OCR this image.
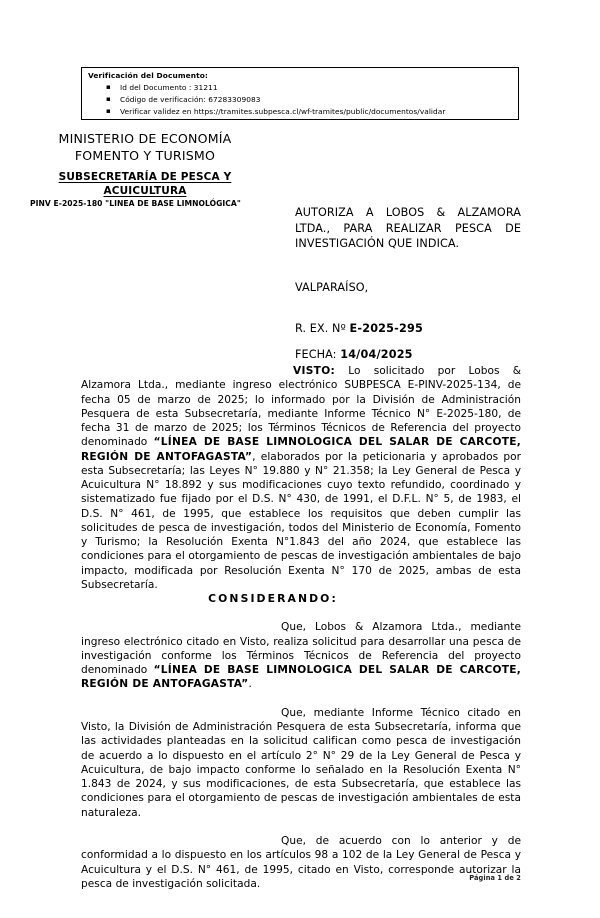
Verificación del Documento:
▪ Id del Documento : 31211
▪ Código de verificación: 67283309083
▪ Verificar validez en https://tramites.subpesca.cl/wf-tramites/public/documentos/validar
MINISTERIO DE ECONOMÍA
FOMENTO Y TURISMO
SUBSECRETARÍA DE PESCA Y
ACUICULTURA
PINV E-2025-180 "LINEA DE BASE LIMNOLÓGICA"
AUTORIZA A LOBOS & ALZAMORA LTDA., PARA REALIZAR PESCA DE INVESTIGACIÓN QUE INDICA.
VALPARAÍSO,
R. EX. Nº E-2025-295
FECHA: 14/04/2025

VISTO: Lo solicitado por Lobos & Alzamora Ltda., mediante ingreso electrónico SUBPESCA E-PINV-2025-134, de fecha 05 de marzo de 2025; lo informado por la División de Administración Pesquera de esta Subsecretaría, mediante Informe Técnico N° E-2025-180, de fecha 31 de marzo de 2025; los Términos Técnicos de Referencia del proyecto denominado “LÍNEA DE BASE LIMNOLOGICA DEL SALAR DE CARCOTE, REGIÓN DE ANTOFAGASTA”, elaborados por la peticionaria y aprobados por esta Subsecretaría; las Leyes N° 19.880 y N° 21.358; la Ley General de Pesca y Acuicultura N° 18.892 y sus modificaciones cuyo texto refundido, coordinado y sistematizado fue fijado por el D.S. N° 430, de 1991, el D.F.L. N° 5, de 1983, el D.S. N° 461, de 1995, que establece los requisitos que deben cumplir las solicitudes de pesca de investigación, todos del Ministerio de Economía, Fomento y Turismo; la Resolución Exenta N°1.843 del año 2024, que establece las condiciones para el otorgamiento de pescas de investigación ambientales de bajo impacto, modificada por Resolución Exenta N° 170 de 2025, ambas de esta Subsecretaría.

CONSIDERANDO:

Que, Lobos & Alzamora Ltda., mediante ingreso electrónico citado en Visto, realiza solicitud para desarrollar una pesca de investigación conforme los Términos Técnicos de Referencia del proyecto denominado “LÍNEA DE BASE LIMNOLOGICA DEL SALAR DE CARCOTE, REGIÓN DE ANTOFAGASTA”.

Que, mediante Informe Técnico citado en Visto, la División de Administración Pesquera de esta Subsecretaría, informa que las actividades planteadas en la solicitud califican como pesca de investigación de acuerdo a lo dispuesto en el artículo 2° N° 29 de la Ley General de Pesca y Acuicultura, de bajo impacto conforme lo señalado en la Resolución Exenta N° 1.843 de 2024, y sus modificaciones, de esta Subsecretaría, que establece las condiciones para el otorgamiento de pescas de investigación ambientales de esta naturaleza.

Que, de acuerdo con lo anterior y de conformidad a lo dispuesto en los artículos 98 a 102 de la Ley General de Pesca y Acuicultura y el D.S. N° 461, de 1995, citado en Visto, corresponde autorizar la pesca de investigación solicitada.	Página 1 de 2
